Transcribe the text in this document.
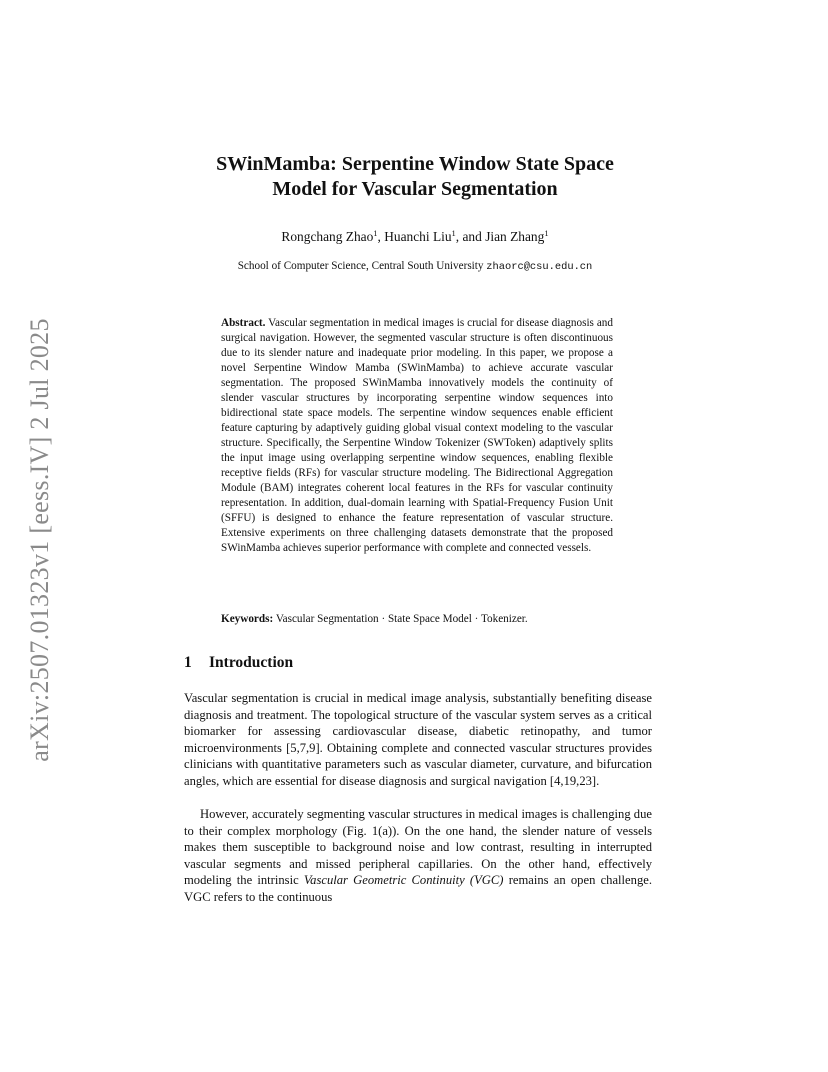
arXiv:2507.01323v1 [eess.IV] 2 Jul 2025
SWinMamba: Serpentine Window State Space
Model for Vascular Segmentation
Rongchang Zhao$^1$, Huanchi Liu$^1$, and Jian Zhang$^1$
School of Computer Science, Central South University zhaorc@csu.edu.cn

Abstract. Vascular segmentation in medical images is crucial for disease diagnosis and surgical navigation. However, the segmented vascular structure is often discontinuous due to its slender nature and inadequate prior modeling. In this paper, we propose a novel Serpentine Window Mamba (SWinMamba) to achieve accurate vascular segmentation. The proposed SWinMamba innovatively models the continuity of slender vascular structures by incorporating serpentine window sequences into bidirectional state space models. The serpentine window sequences enable efficient feature capturing by adaptively guiding global visual context modeling to the vascular structure. Specifically, the Serpentine Window Tokenizer (SWToken) adaptively splits the input image using overlapping serpentine window sequences, enabling flexible receptive fields (RFs) for vascular structure modeling. The Bidirectional Aggregation Module (BAM) integrates coherent local features in the RFs for vascular continuity representation. In addition, dual-domain learning with Spatial-Frequency Fusion Unit (SFFU) is designed to enhance the feature representation of vascular structure. Extensive experiments on three challenging datasets demonstrate that the proposed SWinMamba achieves superior performance with complete and connected vessels.

Keywords: Vascular Segmentation · State Space Model · Tokenizer.

1 Introduction

Vascular segmentation is crucial in medical image analysis, substantially benefiting disease diagnosis and treatment. The topological structure of the vascular system serves as a critical biomarker for assessing cardiovascular disease, diabetic retinopathy, and tumor microenvironments [5,7,9]. Obtaining complete and connected vascular structures provides clinicians with quantitative parameters such as vascular diameter, curvature, and bifurcation angles, which are essential for disease diagnosis and surgical navigation [4,19,23].

However, accurately segmenting vascular structures in medical images is challenging due to their complex morphology (Fig. 1(a)). On the one hand, the slender nature of vessels makes them susceptible to background noise and low contrast, resulting in interrupted vascular segments and missed peripheral capillaries. On the other hand, effectively modeling the intrinsic Vascular Geometric Continuity (VGC) remains an open challenge. VGC refers to the continuous
